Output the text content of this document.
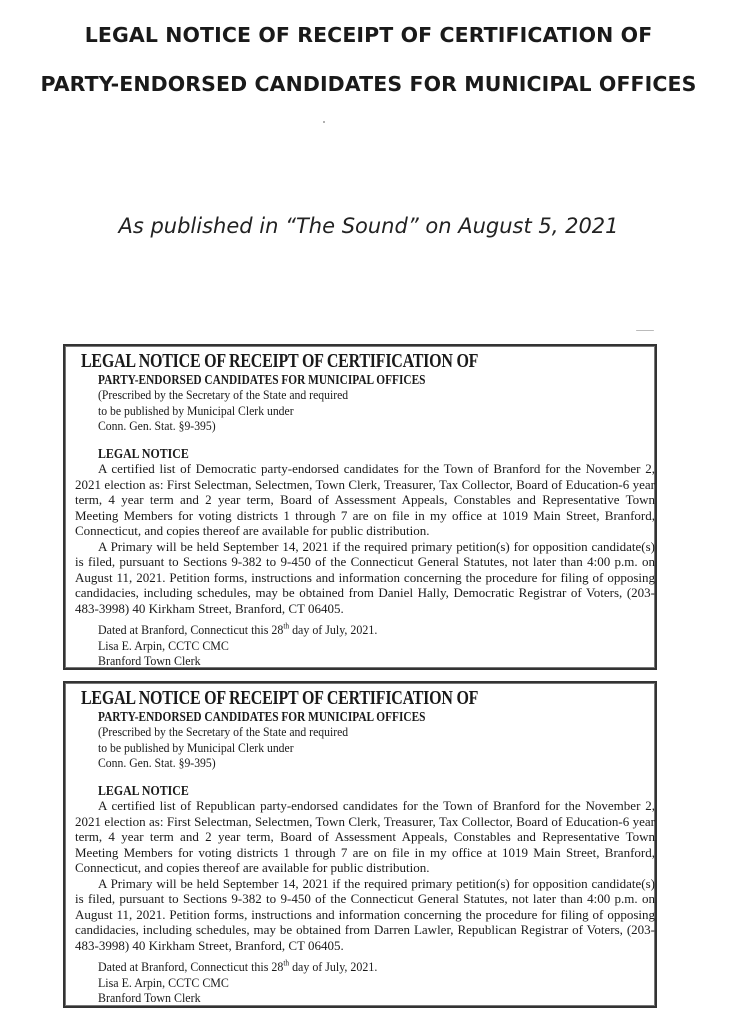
LEGAL NOTICE OF RECEIPT OF CERTIFICATION OF
PARTY-ENDORSED CANDIDATES FOR MUNICIPAL OFFICES
As published in “The Sound” on August 5, 2021
LEGAL NOTICE OF RECEIPT OF CERTIFICATION OF
PARTY-ENDORSED CANDIDATES FOR MUNICIPAL OFFICES
(Prescribed by the Secretary of the State and required
to be published by Municipal Clerk under
Conn. Gen. Stat. §9-395)
LEGAL NOTICE

A certified list of Democratic party-endorsed candidates for the Town of Branford for the November 2, 2021 election as: First Selectman, Selectmen, Town Clerk, Treasurer, Tax Collector, Board of Education-6 year term, 4 year term and 2 year term, Board of Assessment Appeals, Constables and Representative Town Meeting Members for voting districts 1 through 7 are on file in my office at 1019 Main Street, Branford, Connecticut, and copies thereof are available for public distribution.

A Primary will be held September 14, 2021 if the required primary petition(s) for opposition candidate(s) is filed, pursuant to Sections 9-382 to 9-450 of the Connecticut General Statutes, not later than 4:00 p.m. on August 11, 2021. Petition forms, instructions and information concerning the procedure for filing of opposing candidacies, including schedules, may be obtained from Daniel Hally, Democratic Registrar of Voters, (203-483-3998) 40 Kirkham Street, Branford, CT 06405.

Dated at Branford, Connecticut this 28th day of July, 2021.
Lisa E. Arpin, CCTC CMC
Branford Town Clerk
LEGAL NOTICE OF RECEIPT OF CERTIFICATION OF
PARTY-ENDORSED CANDIDATES FOR MUNICIPAL OFFICES
(Prescribed by the Secretary of the State and required
to be published by Municipal Clerk under
Conn. Gen. Stat. §9-395)
LEGAL NOTICE

A certified list of Republican party-endorsed candidates for the Town of Branford for the November 2, 2021 election as: First Selectman, Selectmen, Town Clerk, Treasurer, Tax Collector, Board of Education-6 year term, 4 year term and 2 year term, Board of Assessment Appeals, Constables and Representative Town Meeting Members for voting districts 1 through 7 are on file in my office at 1019 Main Street, Branford, Connecticut, and copies thereof are available for public distribution.

A Primary will be held September 14, 2021 if the required primary petition(s) for opposition candidate(s) is filed, pursuant to Sections 9-382 to 9-450 of the Connecticut General Statutes, not later than 4:00 p.m. on August 11, 2021. Petition forms, instructions and information concerning the procedure for filing of opposing candidacies, including schedules, may be obtained from Darren Lawler, Republican Registrar of Voters, (203-483-3998) 40 Kirkham Street, Branford, CT 06405.

Dated at Branford, Connecticut this 28th day of July, 2021.
Lisa E. Arpin, CCTC CMC
Branford Town Clerk
